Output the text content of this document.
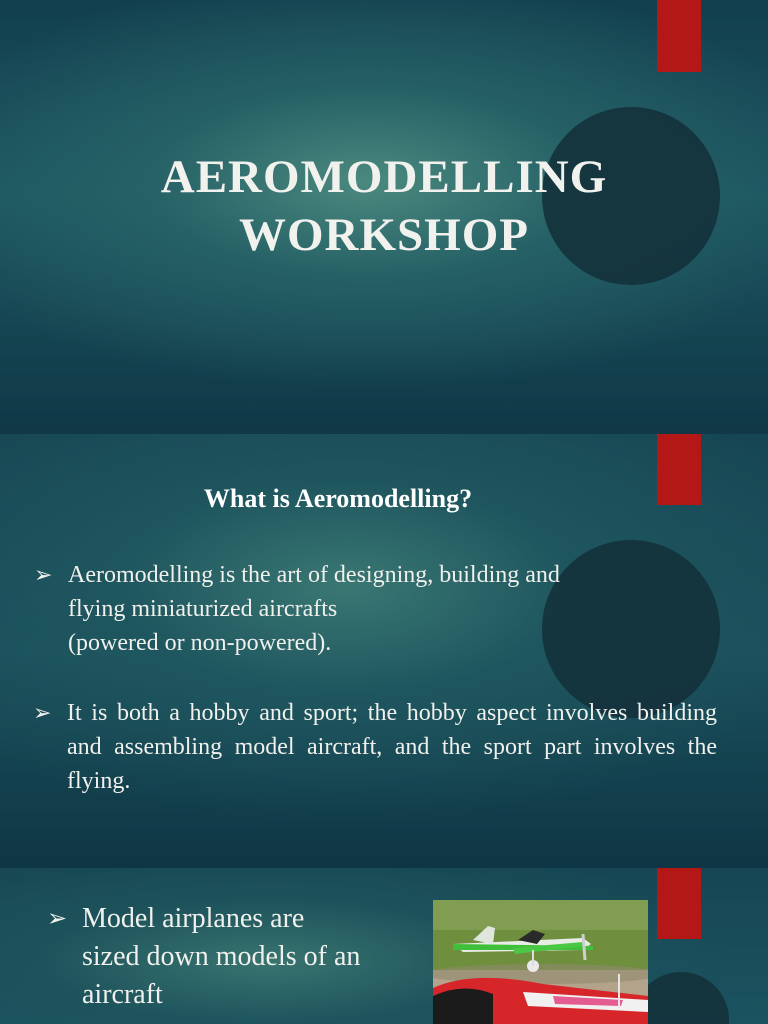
AEROMODELLING
WORKSHOP
What is Aeromodelling?
➢ Aeromodelling is the art of designing, building and
flying miniaturized aircrafts
(powered or non-powered).
➢ It is both a hobby and sport; the hobby aspect involves building and assembling model aircraft, and the sport part involves the flying.
➢ Model airplanes are
sized down models of an
aircraft
